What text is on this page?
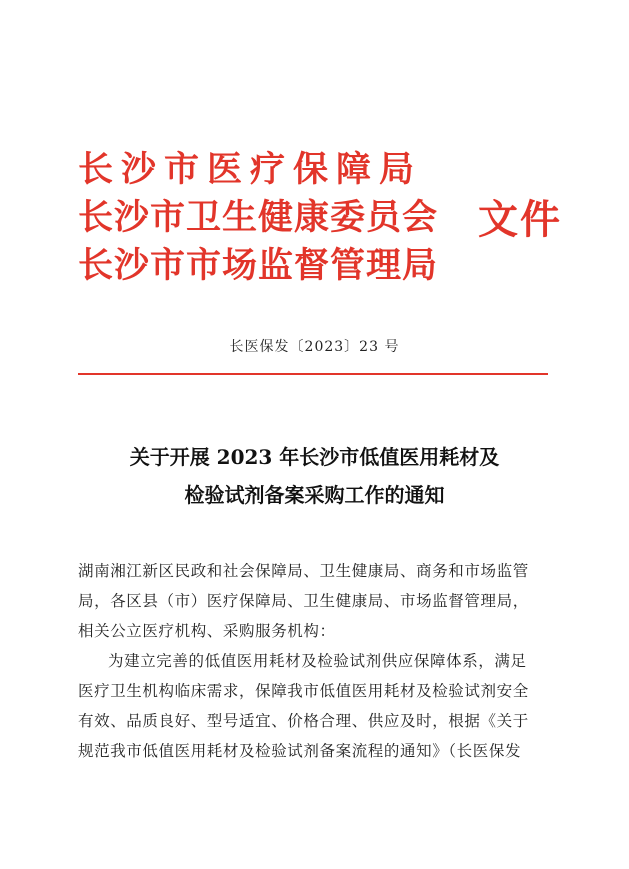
长沙市医疗保障局
长沙市卫生健康委员会
长沙市市场监督管理局
文件
长医保发〔2023〕23 号
关于开展 2023 年长沙市低值医用耗材及
检验试剂备案采购工作的通知
湖南湘江新区民政和社会保障局、卫生健康局、商务和市场监管
局，各区县（市）医疗保障局、卫生健康局、市场监督管理局，
相关公立医疗机构、采购服务机构：
为建立完善的低值医用耗材及检验试剂供应保障体系，满足
医疗卫生机构临床需求，保障我市低值医用耗材及检验试剂安全
有效、品质良好、型号适宜、价格合理、供应及时，根据《关于
规范我市低值医用耗材及检验试剂备案流程的通知》（长医保发
